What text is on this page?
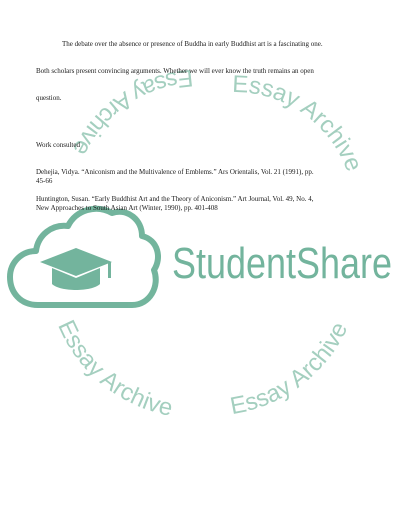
The debate over the absence or presence of Buddha in early Buddhist art is a fascinating one.
Both scholars present convincing arguments. Whether we will ever know the truth remains an open
question.
Work consulted
Dehejia, Vidya. “Aniconism and the Multivalence of Emblems.” Ars Orientalis, Vol. 21 (1991), pp.
45-66
Huntington, Susan. “Early Buddhist Art and the Theory of Aniconism.” Art Journal, Vol. 49, No. 4,
New Approaches to South Asian Art (Winter, 1990), pp. 401-408
Essay Archive
Essay Archive
Essay Archive Essay Archive
StudentShare
